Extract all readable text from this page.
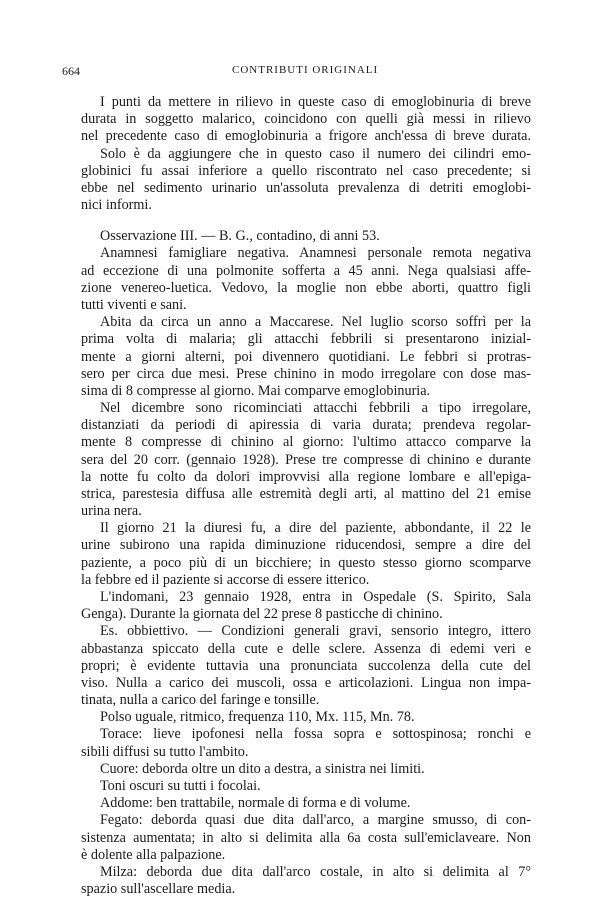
664	CONTRIBUTI ORIGINALI
I punti da mettere in rilievo in queste caso di emoglobinuria di breve
durata in soggetto malarico, coincidono con quelli già messi in rilievo
nel precedente caso di emoglobinuria a frigore anch'essa di breve durata.
Solo è da aggiungere che in questo caso il numero dei cilindri emo-
globinici fu assai inferiore a quello riscontrato nel caso precedente; si
ebbe nel sedimento urinario un'assoluta prevalenza di detriti emoglobi-
nici informi.
Osservazione III. — B. G., contadino, di anni 53.
Anamnesi famigliare negativa. Anamnesi personale remota negativa
ad eccezione di una polmonite sofferta a 45 anni. Nega qualsiasi affe-
zione venereo-luetica. Vedovo, la moglie non ebbe aborti, quattro figli
tutti viventi e sani.
Abita da circa un anno a Maccarese. Nel luglio scorso soffrì per la
prima volta di malaria; gli attacchi febbrili si presentarono inizial-
mente a giorni alterni, poi divennero quotidiani. Le febbri si protras-
sero per circa due mesi. Prese chinino in modo irregolare con dose mas-
sima di 8 compresse al giorno. Mai comparve emoglobinuria.
Nel dicembre sono ricominciati attacchi febbrili a tipo irregolare,
distanziati da periodi di apiressia di varia durata; prendeva regolar-
mente 8 compresse di chinino al giorno: l'ultimo attacco comparve la
sera del 20 corr. (gennaio 1928). Prese tre compresse di chinino e durante
la notte fu colto da dolori improvvisi alla regione lombare e all'epiga-
strica, parestesia diffusa alle estremità degli arti, al mattino del 21 emise
urina nera.
Il giorno 21 la diuresi fu, a dire del paziente, abbondante, il 22 le
urine subirono una rapida diminuzione riducendosi, sempre a dire del
paziente, a poco più di un bicchiere; in questo stesso giorno scomparve
la febbre ed il paziente si accorse di essere itterico.
L'indomani, 23 gennaio 1928, entra in Ospedale (S. Spirito, Sala
Genga). Durante la giornata del 22 prese 8 pasticche di chinino.
Es. obbiettivo. — Condizioni generali gravi, sensorio integro, ittero
abbastanza spiccato della cute e delle sclere. Assenza di edemi veri e
propri; è evidente tuttavia una pronunciata succolenza della cute del
viso. Nulla a carico dei muscoli, ossa e articolazioni. Lingua non impa-
tinata, nulla a carico del faringe e tonsille.
Polso uguale, ritmico, frequenza 110, Mx. 115, Mn. 78.
Torace: lieve ipofonesi nella fossa sopra e sottospinosa; ronchi e
sibili diffusi su tutto l'ambito.
Cuore: deborda oltre un dito a destra, a sinistra nei limiti.
Toni oscuri su tutti i focolai.
Addome: ben trattabile, normale di forma e di volume.
Fegato: deborda quasi due dita dall'arco, a margine smusso, di con-
sistenza aumentata; in alto si delimita alla 6a costa sull'emiclaveare. Non
è dolente alla palpazione.
Milza: deborda due dita dall'arco costale, in alto si delimita al 7°
spazio sull'ascellare media.
